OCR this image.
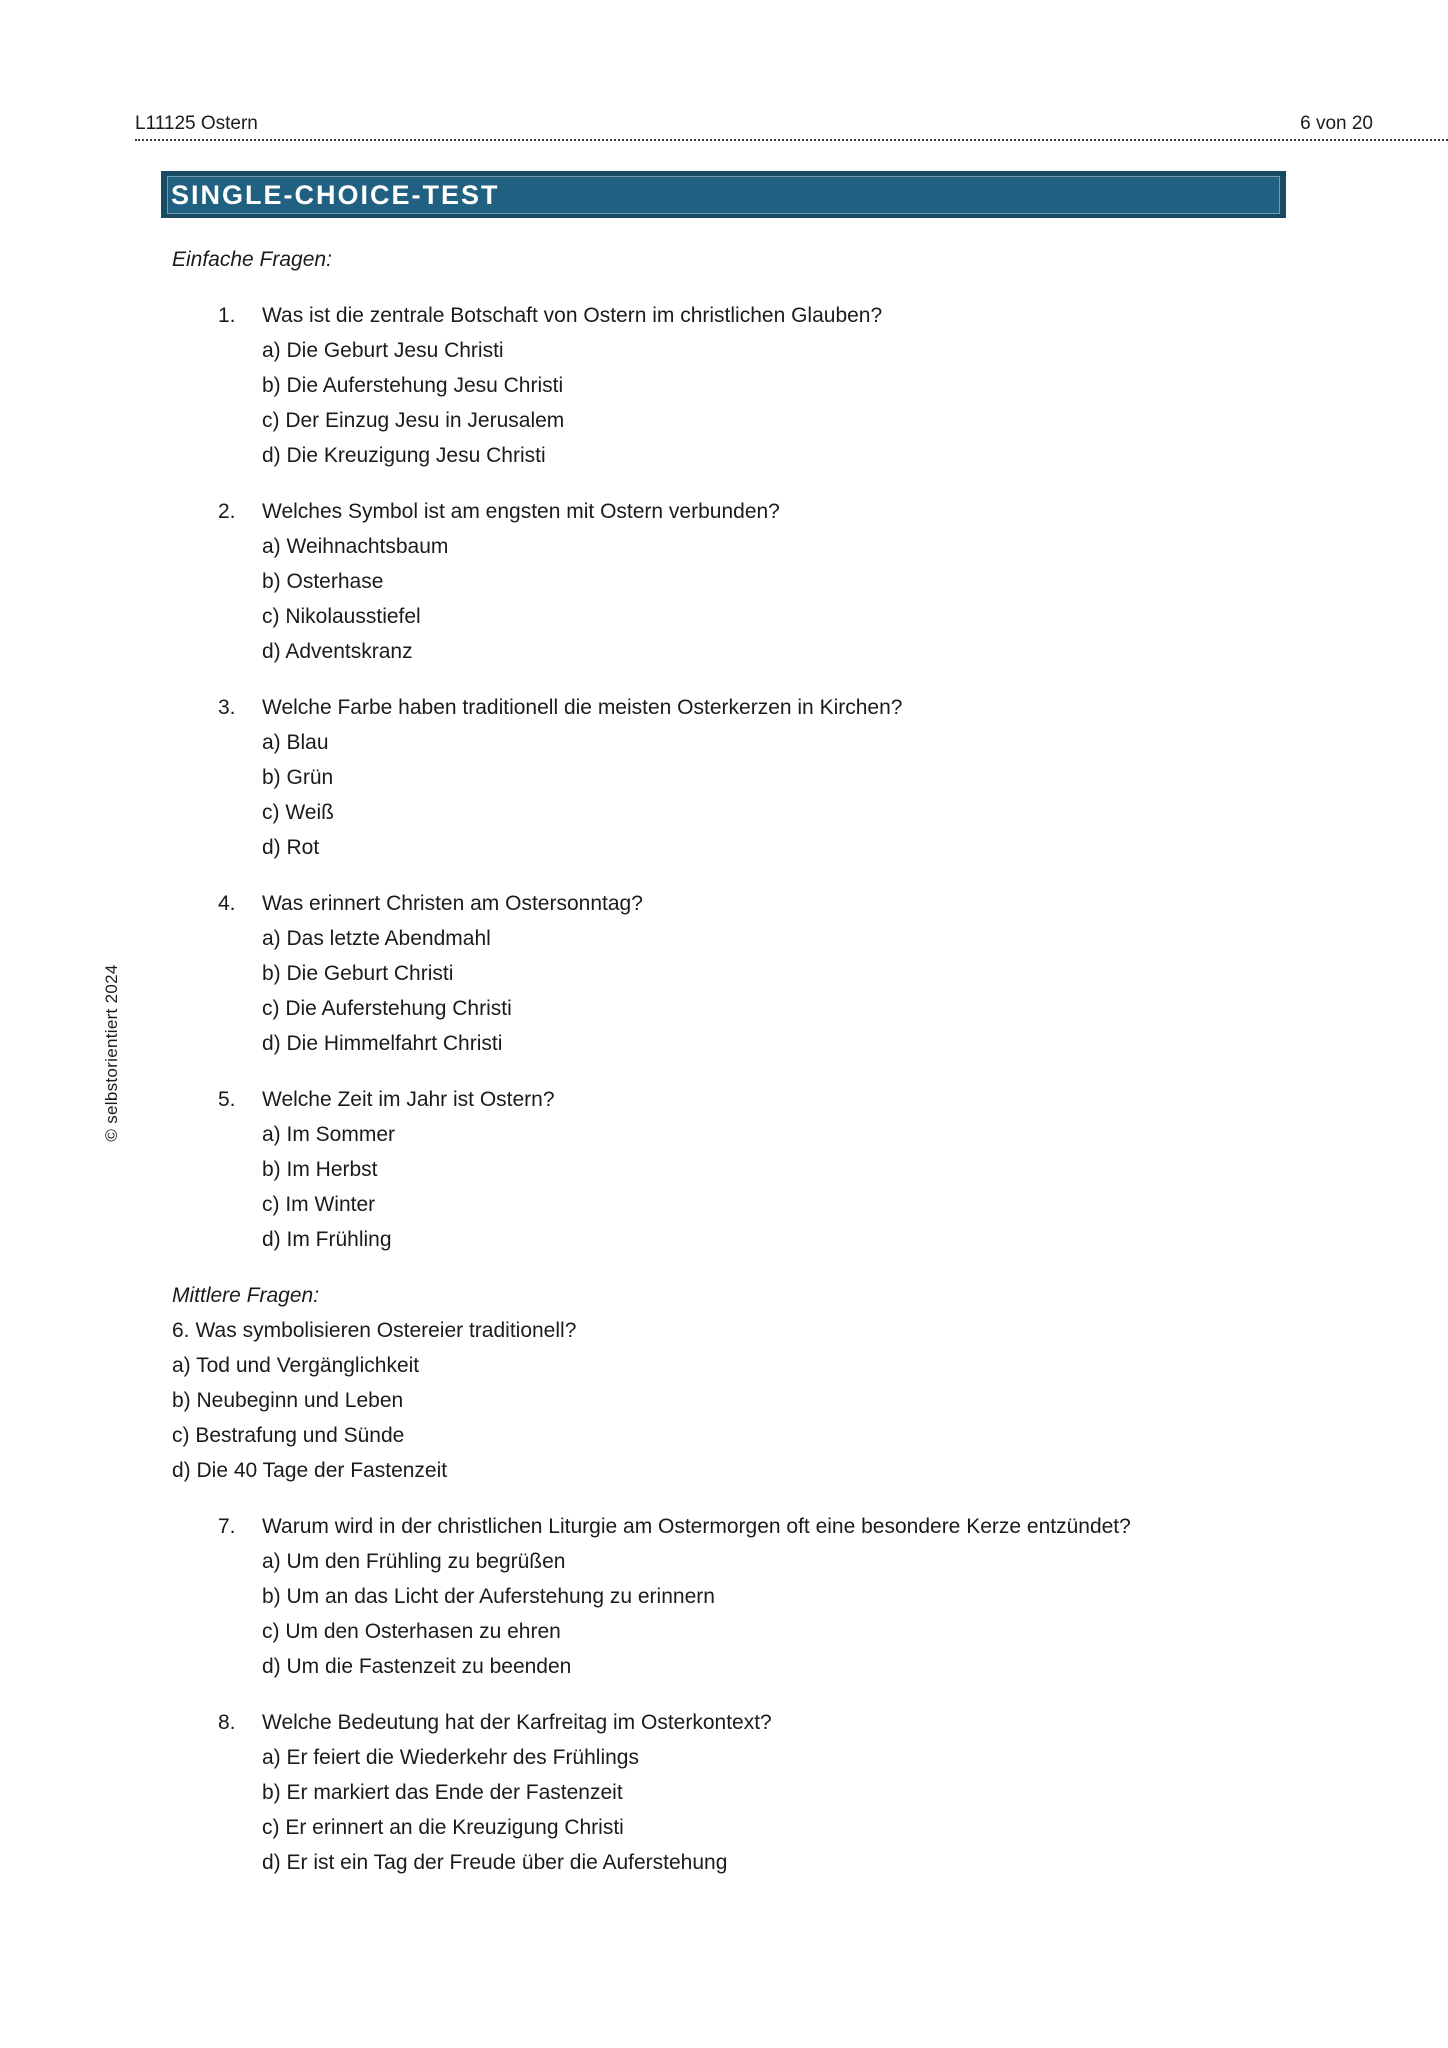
L11125 Ostern	6 von 20
SINGLE-CHOICE-TEST
© selbstorientiert 2024
Einfache Fragen:
1. Was ist die zentrale Botschaft von Ostern im christlichen Glauben?
a) Die Geburt Jesu Christi
b) Die Auferstehung Jesu Christi
c) Der Einzug Jesu in Jerusalem
d) Die Kreuzigung Jesu Christi
2. Welches Symbol ist am engsten mit Ostern verbunden?
a) Weihnachtsbaum
b) Osterhase
c) Nikolausstiefel
d) Adventskranz
3. Welche Farbe haben traditionell die meisten Osterkerzen in Kirchen?
a) Blau
b) Grün
c) Weiß
d) Rot
4. Was erinnert Christen am Ostersonntag?
a) Das letzte Abendmahl
b) Die Geburt Christi
c) Die Auferstehung Christi
d) Die Himmelfahrt Christi
5. Welche Zeit im Jahr ist Ostern?
a) Im Sommer
b) Im Herbst
c) Im Winter
d) Im Frühling
Mittlere Fragen:
6. Was symbolisieren Ostereier traditionell?
a) Tod und Vergänglichkeit
b) Neubeginn und Leben
c) Bestrafung und Sünde
d) Die 40 Tage der Fastenzeit
7. Warum wird in der christlichen Liturgie am Ostermorgen oft eine besondere Kerze entzündet?
a) Um den Frühling zu begrüßen
b) Um an das Licht der Auferstehung zu erinnern
c) Um den Osterhasen zu ehren
d) Um die Fastenzeit zu beenden
8. Welche Bedeutung hat der Karfreitag im Osterkontext?
a) Er feiert die Wiederkehr des Frühlings
b) Er markiert das Ende der Fastenzeit
c) Er erinnert an die Kreuzigung Christi
d) Er ist ein Tag der Freude über die Auferstehung
